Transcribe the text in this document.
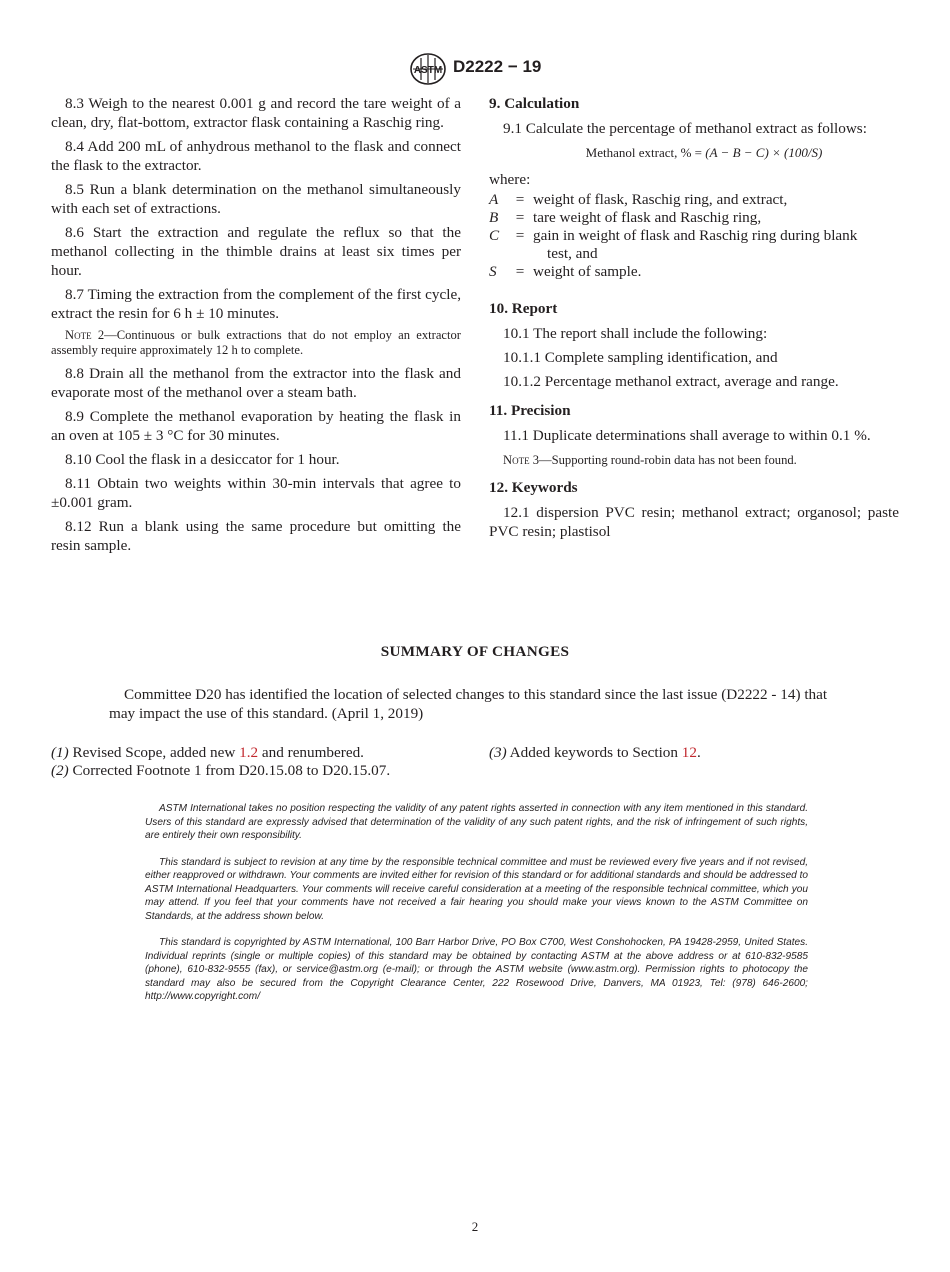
ASTM D2222 − 19

8.3 Weigh to the nearest 0.001 g and record the tare weight of a clean, dry, flat-bottom, extractor flask containing a Raschig ring.

8.4 Add 200 mL of anhydrous methanol to the flask and connect the flask to the extractor.

8.5 Run a blank determination on the methanol simultaneously with each set of extractions.

8.6 Start the extraction and regulate the reflux so that the methanol collecting in the thimble drains at least six times per hour.

8.7 Timing the extraction from the complement of the first cycle, extract the resin for 6 h ± 10 minutes.

Note 2—Continuous or bulk extractions that do not employ an extractor assembly require approximately 12 h to complete.

8.8 Drain all the methanol from the extractor into the flask and evaporate most of the methanol over a steam bath.

8.9 Complete the methanol evaporation by heating the flask in an oven at 105 ± 3 °C for 30 minutes.

8.10 Cool the flask in a desiccator for 1 hour.

8.11 Obtain two weights within 30-min intervals that agree to ±0.001 gram.

8.12 Run a blank using the same procedure but omitting the resin sample.

9. Calculation

9.1 Calculate the percentage of methanol extract as follows:

Methanol extract, % = (A − B − C) × (100/S)

where:

A	=	weight of flask, Raschig ring, and extract,
B	=	tare weight of flask and Raschig ring,
C	=	gain in weight of flask and Raschig ring during blank
test, and

S	=	weight of sample.

10. Report

10.1 The report shall include the following:

10.1.1 Complete sampling identification, and

10.1.2 Percentage methanol extract, average and range.

11. Precision

11.1 Duplicate determinations shall average to within 0.1 %.

Note 3—Supporting round-robin data has not been found.

12. Keywords

12.1 dispersion PVC resin; methanol extract; organosol; paste PVC resin; plastisol

SUMMARY OF CHANGES
Committee D20 has identified the location of selected changes to this standard since the last issue (D2222 - 14) that may impact the use of this standard. (April 1, 2019)

(1) Revised Scope, added new 1.2 and renumbered.

(2) Corrected Footnote 1 from D20.15.08 to D20.15.07.

(3) Added keywords to Section 12.

ASTM International takes no position respecting the validity of any patent rights asserted in connection with any item mentioned in this standard. Users of this standard are expressly advised that determination of the validity of any such patent rights, and the risk of infringement of such rights, are entirely their own responsibility.

This standard is subject to revision at any time by the responsible technical committee and must be reviewed every five years and if not revised, either reapproved or withdrawn. Your comments are invited either for revision of this standard or for additional standards and should be addressed to ASTM International Headquarters. Your comments will receive careful consideration at a meeting of the responsible technical committee, which you may attend. If you feel that your comments have not received a fair hearing you should make your views known to the ASTM Committee on Standards, at the address shown below.

This standard is copyrighted by ASTM International, 100 Barr Harbor Drive, PO Box C700, West Conshohocken, PA 19428-2959, United States. Individual reprints (single or multiple copies) of this standard may be obtained by contacting ASTM at the above address or at 610-832-9585 (phone), 610-832-9555 (fax), or service@astm.org (e-mail); or through the ASTM website (www.astm.org). Permission rights to photocopy the standard may also be secured from the Copyright Clearance Center, 222 Rosewood Drive, Danvers, MA 01923, Tel: (978) 646-2600; http://www.copyright.com/

2
